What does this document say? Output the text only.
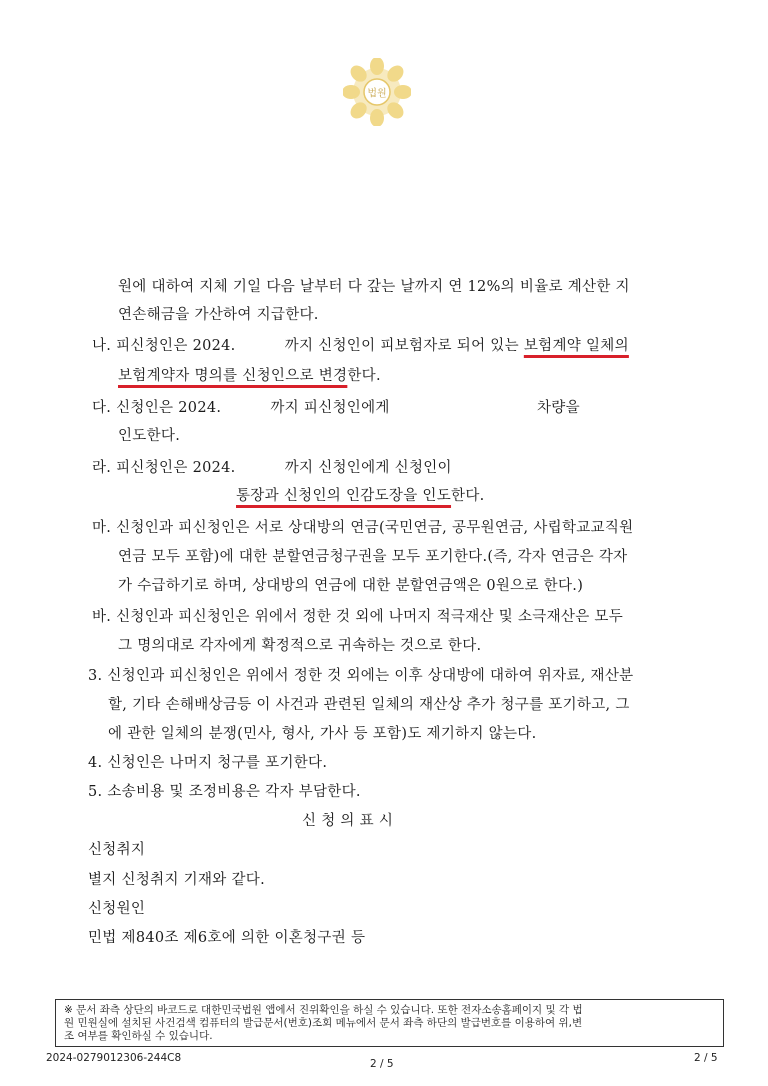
법원
원에 대하여 지체 기일 다음 날부터 다 갚는 날까지 연 12%의 비율로 계산한 지
연손해금을 가산하여 지급한다.
나. 피신청인은 2024.          까지 신청인이 피보험자로 되어 있는 보험계약 일체의
보험계약자 명의를 신청인으로 변경한다.
다. 신청인은 2024.          까지 피신청인에게                              차량을
인도한다.
라. 피신청인은 2024.          까지 신청인에게 신청인이
통장과 신청인의 인감도장을 인도한다.
마. 신청인과 피신청인은 서로 상대방의 연금(국민연금, 공무원연금, 사립학교교직원
연금 모두 포함)에 대한 분할연금청구권을 모두 포기한다.(즉, 각자 연금은 각자
가 수급하기로 하며, 상대방의 연금에 대한 분할연금액은 0원으로 한다.)
바. 신청인과 피신청인은 위에서 정한 것 외에 나머지 적극재산 및 소극재산은 모두
그 명의대로 각자에게 확정적으로 귀속하는 것으로 한다.
3. 신청인과 피신청인은 위에서 정한 것 외에는 이후 상대방에 대하여 위자료, 재산분
할, 기타 손해배상금등 이 사건과 관련된 일체의 재산상 추가 청구를 포기하고, 그
에 관한 일체의 분쟁(민사, 형사, 가사 등 포함)도 제기하지 않는다.
4. 신청인은 나머지 청구를 포기한다.
5. 소송비용 및 조정비용은 각자 부담한다.
신 청 의 표 시
신청취지
별지 신청취지 기재와 같다.
신청원인
민법 제840조 제6호에 의한 이혼청구권 등
※ 문서 좌측 상단의 바코드로 대한민국법원 앱에서 진위확인을 하실 수 있습니다. 또한 전자소송홈페이지 및 각 법
원 민원실에 설치된 사건검색 컴퓨터의 발급문서(번호)조회 메뉴에서 문서 좌측 하단의 발급번호를 이용하여 위,변
조 여부를 확인하실 수 있습니다.
2024-0279012306-244C8	2 / 5	2 / 5
